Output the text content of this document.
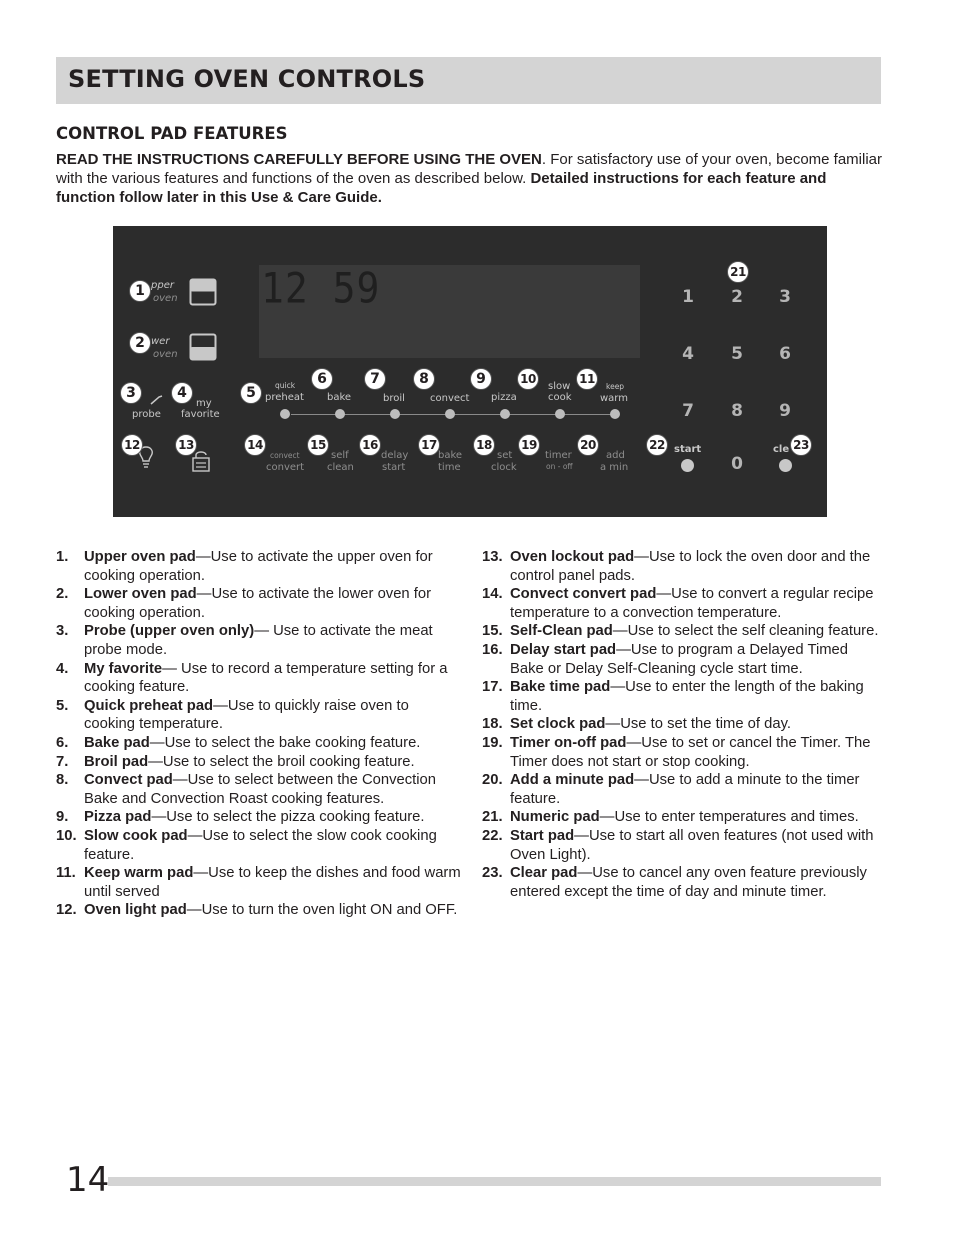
SETTING OVEN CONTROLS
CONTROL PAD FEATURES

READ THE INSTRUCTIONS CAREFULLY BEFORE USING THE OVEN. For satisfactory use of your oven, become familiar with the various features and functions of the oven as described below. Detailed instructions for each feature and function follow later in this Use & Care Guide.

12 59
pper
oven
wer
oven
probe
my
favorite
quick
preheat bake	broil	convect pizza
slow
cook
keep
warm
convect
convert
self
clean
delay
start
bake
time
set
clock
timer
on - off
add
a min
1 2 3
4 5 6
7 8 9
0
start	cle
1
2
3	4	5
6	7	8	9	10	11
12	13	14	15	16	17	18 19	20
21
22	23
1. Upper oven pad—Use to activate the upper oven for cooking operation.
2. Lower oven pad—Use to activate the lower oven for cooking operation.
3. Probe (upper oven only)— Use to activate the meat probe mode.
4. My favorite— Use to record a temperature setting for a cooking feature.
5. Quick preheat pad—Use to quickly raise oven to cooking temperature.
6. Bake pad—Use to select the bake cooking feature.
7. Broil pad—Use to select the broil cooking feature.
8. Convect pad—Use to select between the Convection Bake and Convection Roast cooking features.
9. Pizza pad—Use to select the pizza cooking feature.
10. Slow cook pad—Use to select the slow cook cooking feature.
11. Keep warm pad—Use to keep the dishes and food warm until served
12. Oven light pad—Use to turn the oven light ON and OFF.
13. Oven lockout pad—Use to lock the oven door and the control panel pads.
14. Convect convert pad—Use to convert a regular recipe temperature to a convection temperature.
15. Self-Clean pad—Use to select the self cleaning feature.
16. Delay start pad—Use to program a Delayed Timed Bake or Delay Self-Cleaning cycle start time.
17. Bake time pad—Use to enter the length of the baking time.
18. Set clock pad—Use to set the time of day.
19. Timer on-off pad—Use to set or cancel the Timer. The Timer does not start or stop cooking.
20. Add a minute pad—Use to add a minute to the timer feature.
21. Numeric pad—Use to enter temperatures and times.
22. Start pad—Use to start all oven features (not used with Oven Light).
23. Clear pad—Use to cancel any oven feature previously entered except the time of day and minute timer.
14
